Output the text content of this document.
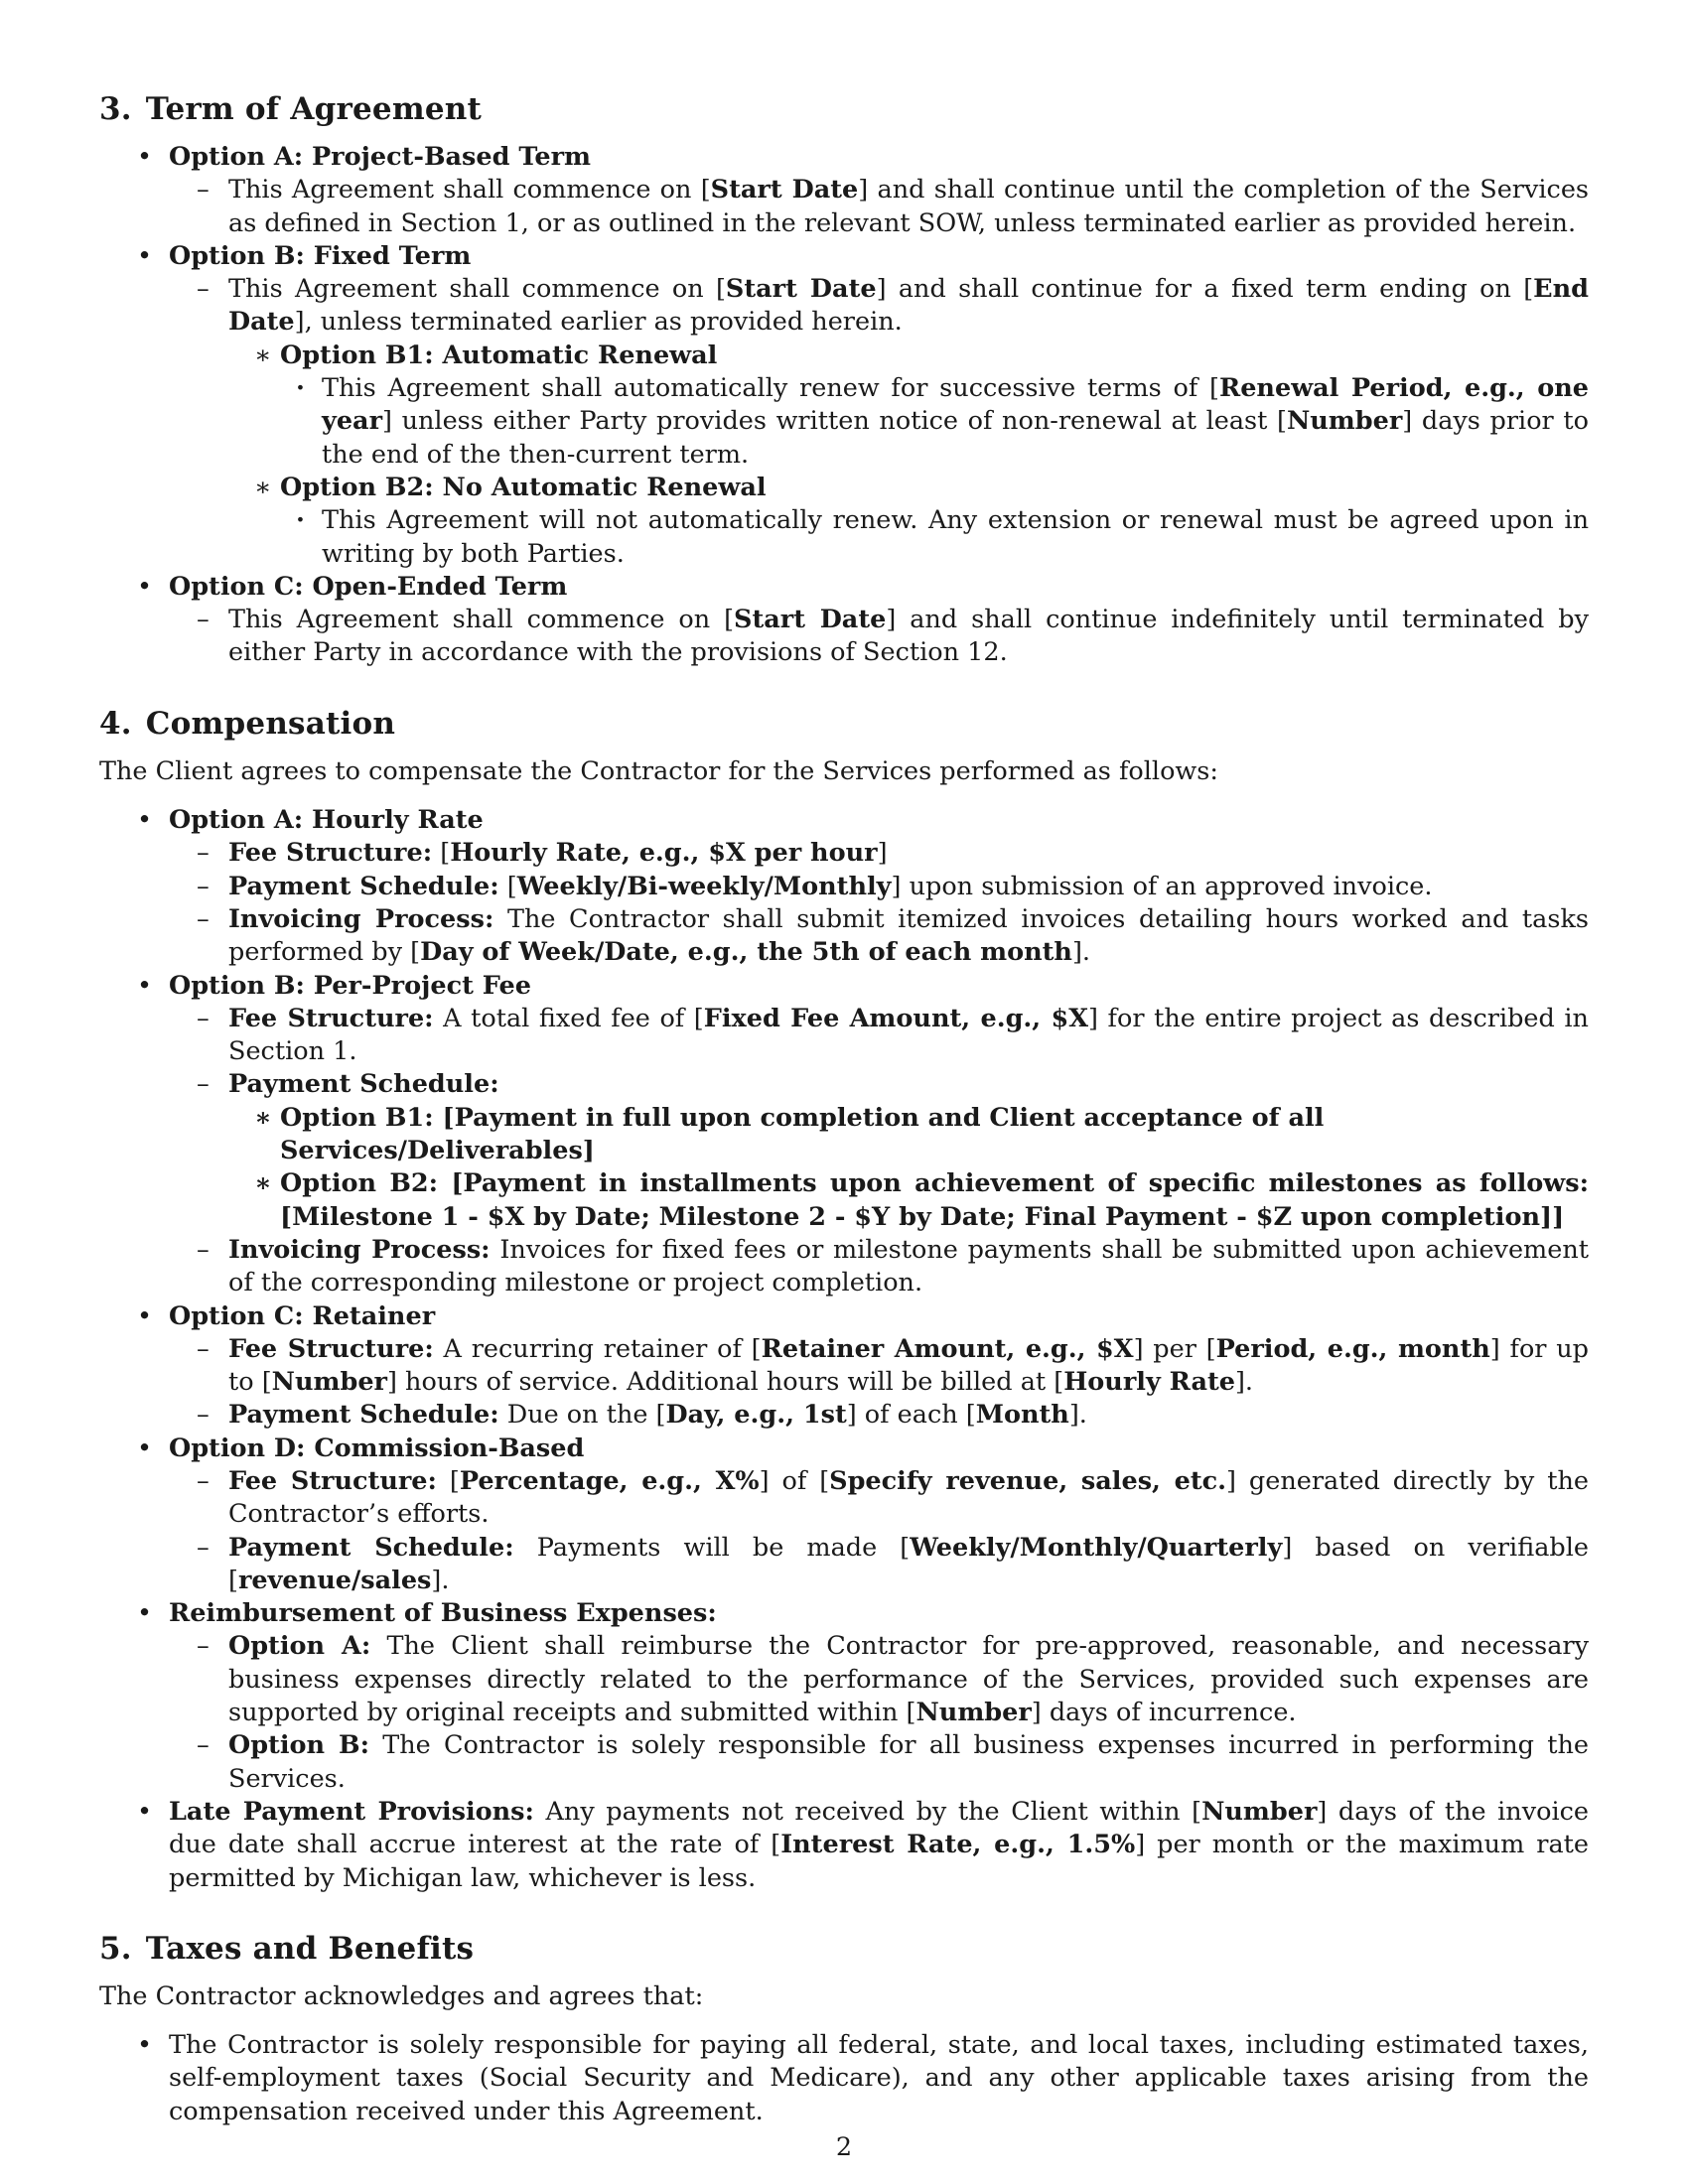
3. Term of Agreement
• Option A: Project-Based Term
– This Agreement shall commence on [Start Date] and shall continue until the completion of the Services as defined in Section 1, or as outlined in the relevant SOW, unless terminated earlier as provided herein.
• Option B: Fixed Term
– This Agreement shall commence on [Start Date] and shall continue for a fixed term ending on [End Date], unless terminated earlier as provided herein.
∗ Option B1: Automatic Renewal
· This Agreement shall automatically renew for successive terms of [Renewal Period, e.g., one year] unless either Party provides written notice of non-renewal at least [Number] days prior to the end of the then-current term.
∗ Option B2: No Automatic Renewal
· This Agreement will not automatically renew. Any extension or renewal must be agreed upon in writing by both Parties.
• Option C: Open-Ended Term
– This Agreement shall commence on [Start Date] and shall continue indefinitely until terminated by either Party in accordance with the provisions of Section 12.
4. Compensation

The Client agrees to compensate the Contractor for the Services performed as follows:

• Option A: Hourly Rate
– Fee Structure: [Hourly Rate, e.g., $X per hour]
– Payment Schedule: [Weekly/Bi-weekly/Monthly] upon submission of an approved invoice.
– Invoicing Process: The Contractor shall submit itemized invoices detailing hours worked and tasks performed by [Day of Week/Date, e.g., the 5th of each month].
• Option B: Per-Project Fee
– Fee Structure: A total fixed fee of [Fixed Fee Amount, e.g., $X] for the entire project as described in Section 1.
– Payment Schedule:
∗ Option B1: [Payment in full upon completion and Client acceptance of all Services/Deliverables]
∗ Option B2: [Payment in installments upon achievement of specific milestones as follows: [Milestone 1 - $X by Date; Milestone 2 - $Y by Date; Final Payment - $Z upon completion]]
– Invoicing Process: Invoices for fixed fees or milestone payments shall be submitted upon achievement of the corresponding milestone or project completion.
• Option C: Retainer
– Fee Structure: A recurring retainer of [Retainer Amount, e.g., $X] per [Period, e.g., month] for up to [Number] hours of service. Additional hours will be billed at [Hourly Rate].
– Payment Schedule: Due on the [Day, e.g., 1st] of each [Month].
• Option D: Commission-Based
– Fee Structure: [Percentage, e.g., X%] of [Specify revenue, sales, etc.] generated directly by the Contractor’s efforts.
– Payment Schedule: Payments will be made [Weekly/Monthly/Quarterly] based on verifiable [revenue/sales].
• Reimbursement of Business Expenses:
– Option A: The Client shall reimburse the Contractor for pre-approved, reasonable, and necessary business expenses directly related to the performance of the Services, provided such expenses are supported by original receipts and submitted within [Number] days of incurrence.
– Option B: The Contractor is solely responsible for all business expenses incurred in performing the Services.
• Late Payment Provisions: Any payments not received by the Client within [Number] days of the invoice due date shall accrue interest at the rate of [Interest Rate, e.g., 1.5%] per month or the maximum rate permitted by Michigan law, whichever is less.
5. Taxes and Benefits

The Contractor acknowledges and agrees that:

• The Contractor is solely responsible for paying all federal, state, and local taxes, including estimated taxes, self-employment taxes (Social Security and Medicare), and any other applicable taxes arising from the compensation received under this Agreement.
2
